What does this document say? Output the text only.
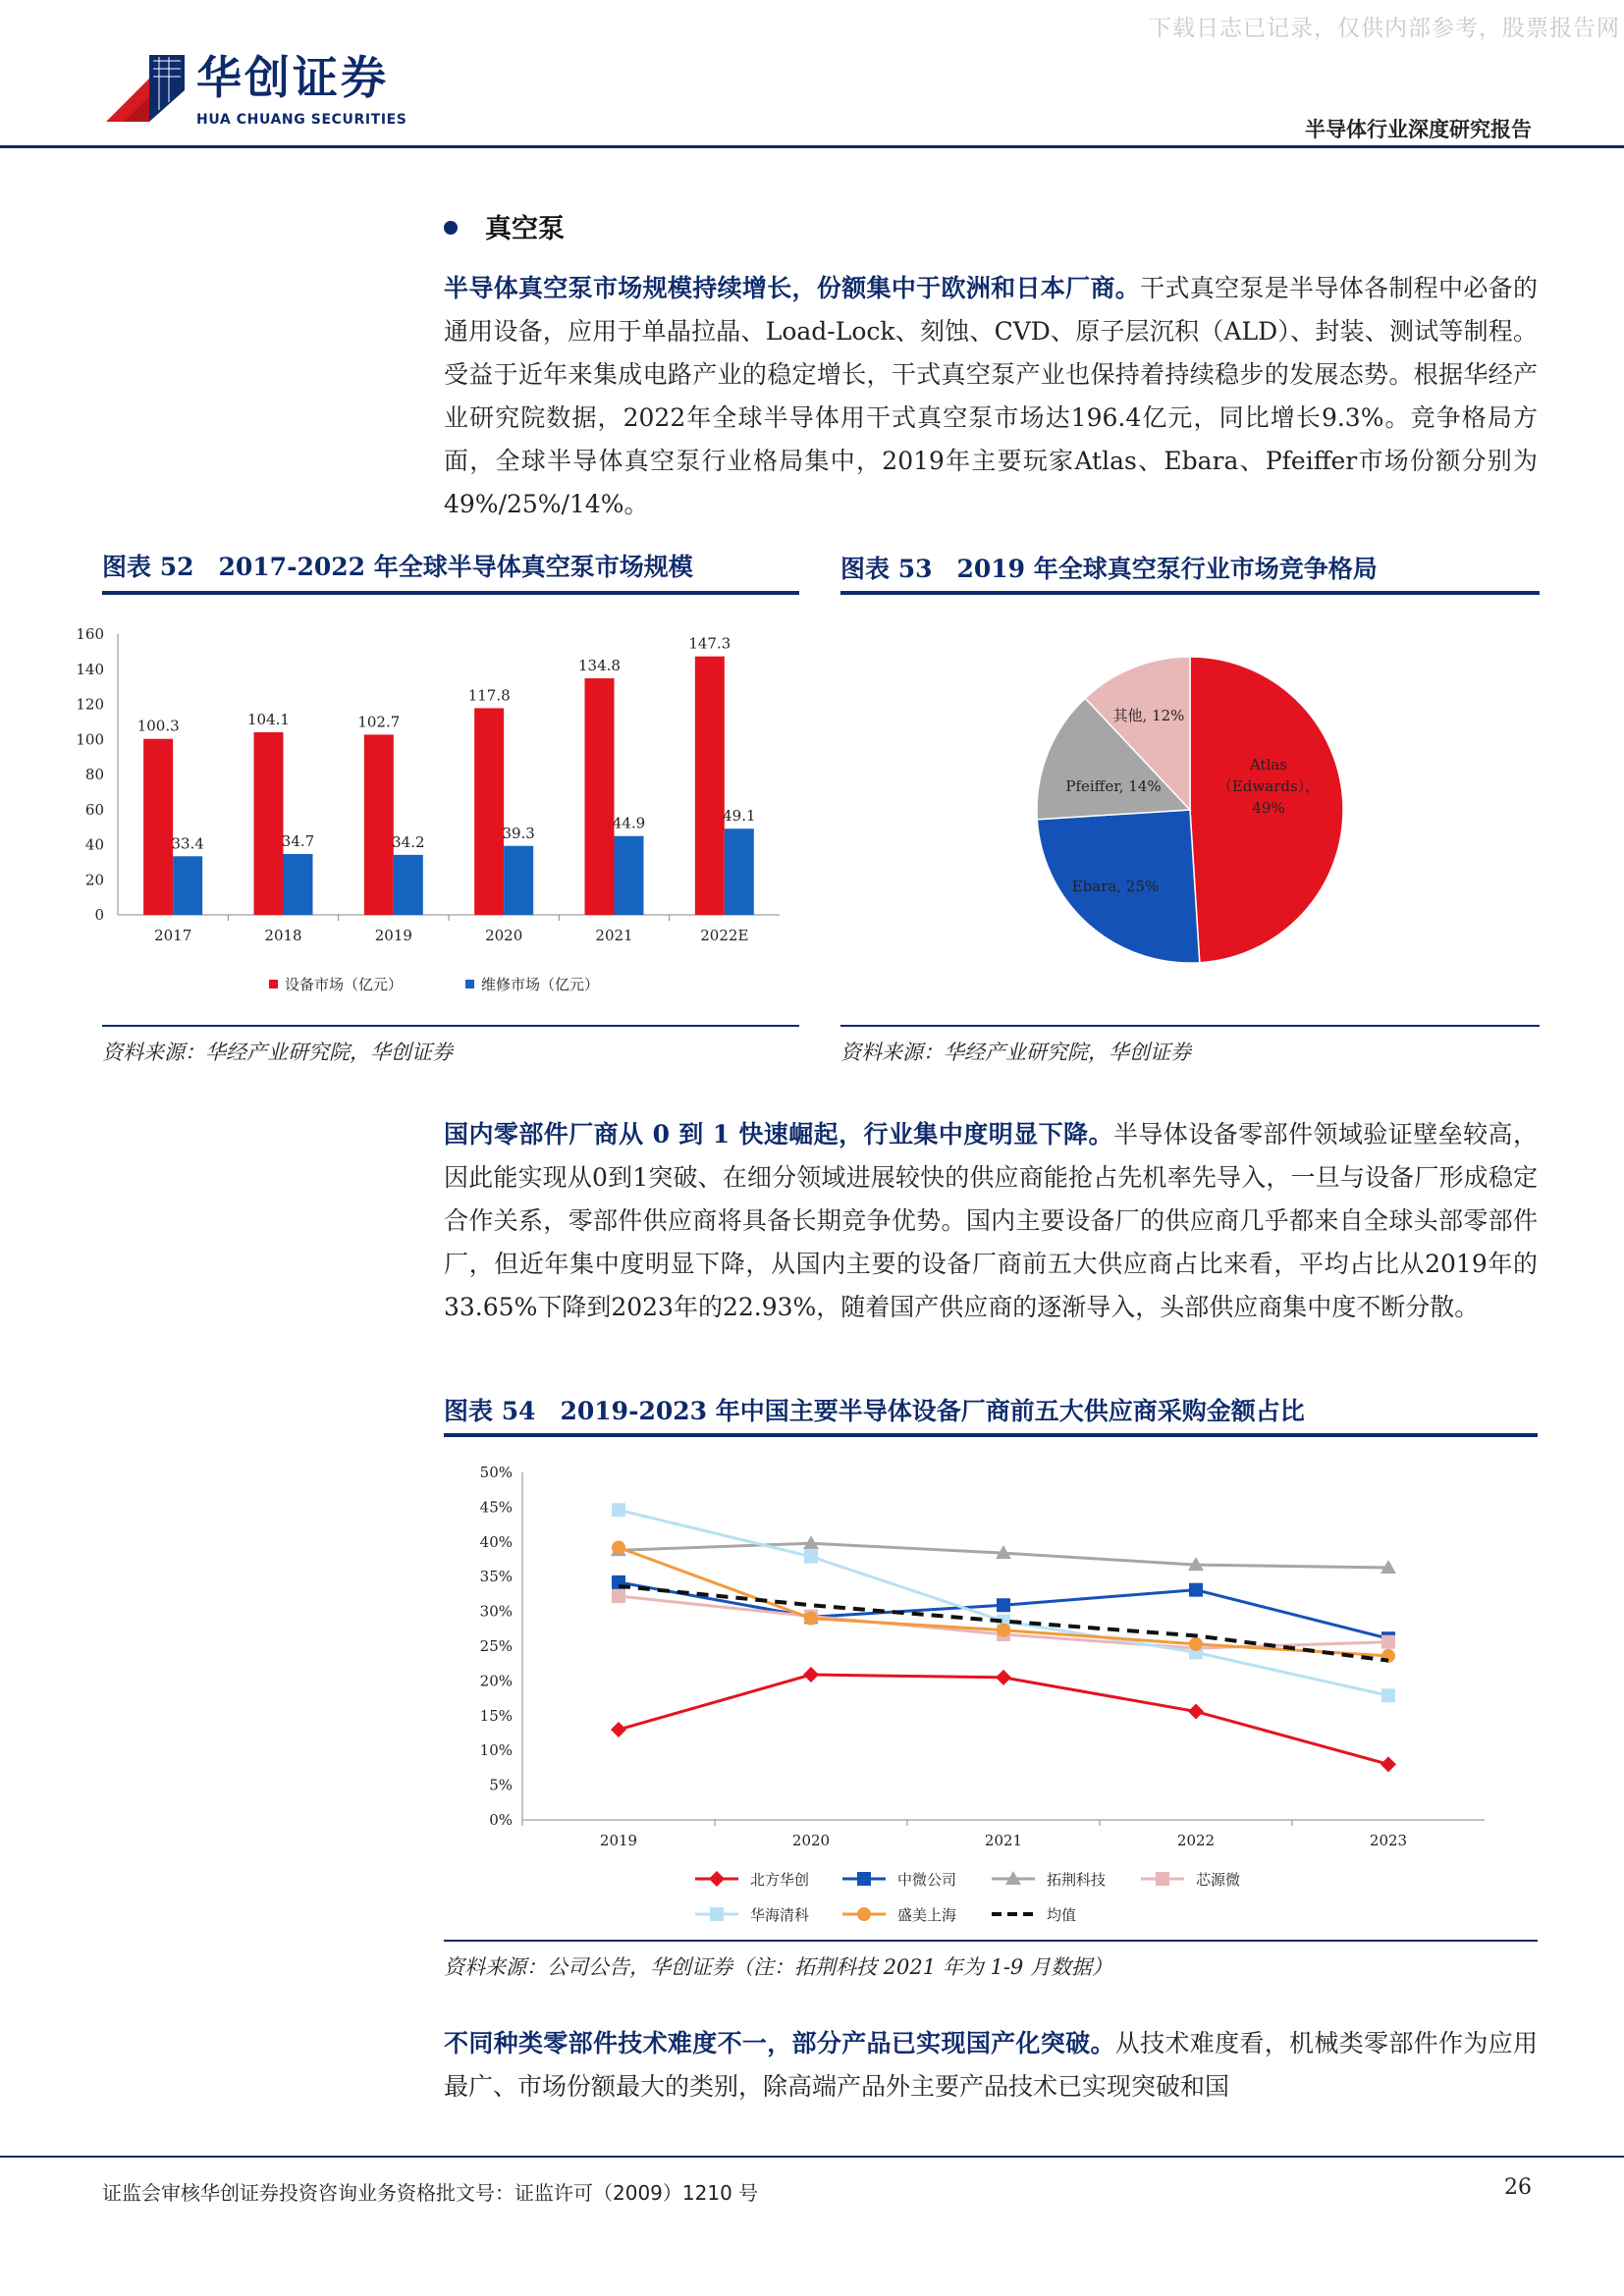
下载日志已记录，仅供内部参考，股票报告网
华创证券
HUA CHUANG SECURITIES	半导体行业深度研究报告
真空泵
半导体真空泵市场规模持续增长，份额集中于欧洲和日本厂商。干式真空泵是半导体各制程中必备的通用设备，应用于单晶拉晶、Load-Lock、刻蚀、CVD、原子层沉积（ALD）、封装、测试等制程。受益于近年来集成电路产业的稳定增长，干式真空泵产业也保持着持续稳步的发展态势。根据华经产业研究院数据，2022年全球半导体用干式真空泵市场达196.4亿元，同比增长9.3%。竞争格局方面，全球半导体真空泵行业格局集中，2019年主要玩家Atlas、Ebara、Pfeiffer市场份额分别为49%/25%/14%。
图表 52　2017-2022 年全球半导体真空泵市场规模
0
20
40
60
80
100
120
140
160
2017
100.3
33.4
2018
104.1
34.7
2019
102.7
34.2
2020
117.8
39.3
2021
134.8
44.9
2022E
147.3
49.1
设备市场（亿元）	维修市场（亿元）
资料来源：华经产业研究院，华创证券
图表 53　2019 年全球真空泵行业市场竞争格局
Atlas
（Edwards），
49%
Ebara, 25%
Pfeiffer, 14%
其他, 12%
资料来源：华经产业研究院，华创证券
国内零部件厂商从 0 到 1 快速崛起，行业集中度明显下降。半导体设备零部件领域验证壁垒较高，因此能实现从0到1突破、在细分领域进展较快的供应商能抢占先机率先导入，一旦与设备厂形成稳定合作关系，零部件供应商将具备长期竞争优势。国内主要设备厂的供应商几乎都来自全球头部零部件厂，但近年集中度明显下降，从国内主要的设备厂商前五大供应商占比来看，平均占比从2019年的33.65%下降到2023年的22.93%，随着国产供应商的逐渐导入，头部供应商集中度不断分散。
图表 54　2019-2023 年中国主要半导体设备厂商前五大供应商采购金额占比
0%
5%
10%
15%
20%
25%
30%
35%
40%
45%
50%
2019	2020	2021	2022	2023
北方华创	中微公司	拓荆科技	芯源微
华海清科	盛美上海	均值
资料来源：公司公告，华创证券（注：拓荆科技 2021 年为 1-9 月数据）
不同种类零部件技术难度不一，部分产品已实现国产化突破。从技术难度看，机械类零部件作为应用最广、市场份额最大的类别，除高端产品外主要产品技术已实现突破和国
证监会审核华创证券投资咨询业务资格批文号：证监许可（2009）1210 号	26
